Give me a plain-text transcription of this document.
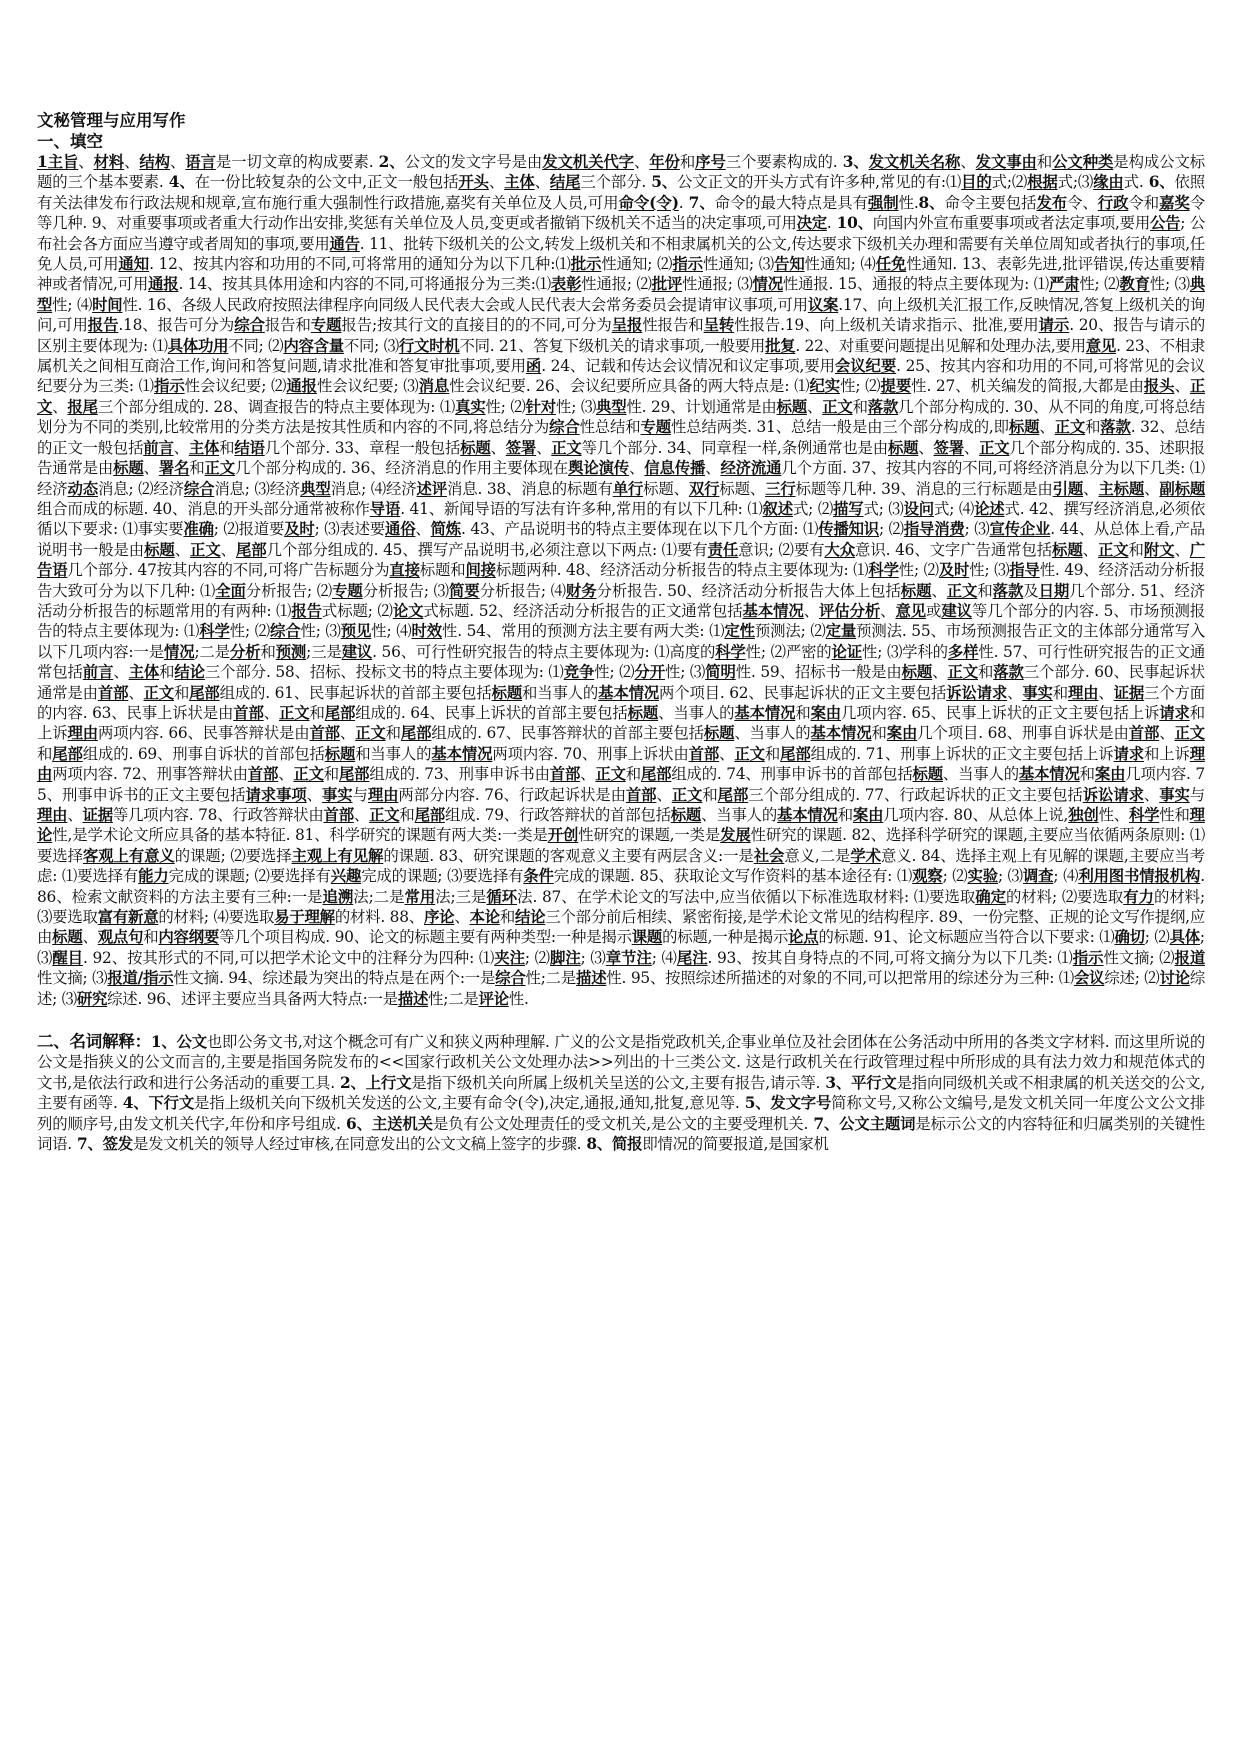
文秘管理与应用写作
一、填空

1主旨、材料、结构、语言是一切文章的构成要素. 2、公文的发文字号是由发文机关代字、年份和序号三个要素构成的. 3、发文机关名称、发文事由和公文种类是构成公文标题的三个基本要素. 4、在一份比较复杂的公文中,正文一般包括开头、主体、结尾三个部分. 5、公文正文的开头方式有许多种,常见的有:⑴目的式;⑵根据式;⑶缘由式. 6、依照有关法律发布行政法规和规章,宣布施行重大强制性行政措施,嘉奖有关单位及人员,可用命令(令). 7、命令的最大特点是具有强制性.8、命令主要包括发布令、行政令和嘉奖令等几种. 9、对重要事项或者重大行动作出安排,奖惩有关单位及人员,变更或者撤销下级机关不适当的决定事项,可用决定. 10、向国内外宣布重要事项或者法定事项,要用公告; 公布社会各方面应当遵守或者周知的事项,要用通告. 11、批转下级机关的公文,转发上级机关和不相隶属机关的公文,传达要求下级机关办理和需要有关单位周知或者执行的事项,任免人员,可用通知. 12、按其内容和功用的不同,可将常用的通知分为以下几种:⑴批示性通知; ⑵指示性通知; ⑶告知性通知; ⑷任免性通知. 13、表彰先进,批评错误,传达重要精神或者情况,可用通报. 14、按其具体用途和内容的不同,可将通报分为三类:⑴表彰性通报; ⑵批评性通报; ⑶情况性通报. 15、通报的特点主要体现为: ⑴严肃性; ⑵教育性; ⑶典型性; ⑷时间性. 16、各级人民政府按照法律程序向同级人民代表大会或人民代表大会常务委员会提请审议事项,可用议案.17、向上级机关汇报工作,反映情况,答复上级机关的询问,可用报告.18、报告可分为综合报告和专题报告;按其行文的直接目的的不同,可分为呈报性报告和呈转性报告.19、向上级机关请求指示、批准,要用请示. 20、报告与请示的区别主要体现为: ⑴具体功用不同; ⑵内容含量不同; ⑶行文时机不同. 21、答复下级机关的请求事项,一般要用批复. 22、对重要问题提出见解和处理办法,要用意见. 23、不相隶属机关之间相互商洽工作,询问和答复问题,请求批准和答复审批事项,要用函. 24、记载和传达会议情况和议定事项,要用会议纪要. 25、按其内容和功用的不同,可将常见的会议纪要分为三类: ⑴指示性会议纪要; ⑵通报性会议纪要; ⑶消息性会议纪要. 26、会议纪要所应具备的两大特点是: ⑴纪实性; ⑵提要性. 27、机关编发的简报,大都是由报头、正文、报尾三个部分组成的. 28、调查报告的特点主要体现为: ⑴真实性; ⑵针对性; ⑶典型性. 29、计划通常是由标题、正文和落款几个部分构成的. 30、从不同的角度,可将总结划分为不同的类别,比较常用的分类方法是按其性质和内容的不同,将总结分为综合性总结和专题性总结两类. 31、总结一般是由三个部分构成的,即标题、正文和落款. 32、总结的正文一般包括前言、主体和结语几个部分. 33、章程一般包括标题、签署、正文等几个部分. 34、同章程一样,条例通常也是由标题、签署、正文几个部分构成的. 35、述职报告通常是由标题、署名和正文几个部分构成的. 36、经济消息的作用主要体现在舆论演传、信息传播、经济流通几个方面. 37、按其内容的不同,可将经济消息分为以下几类: ⑴经济动态消息; ⑵经济综合消息; ⑶经济典型消息; ⑷经济述评消息. 38、消息的标题有单行标题、双行标题、三行标题等几种. 39、消息的三行标题是由引题、主标题、副标题组合而成的标题. 40、消息的开头部分通常被称作导语. 41、新闻导语的写法有许多种,常用的有以下几种: ⑴叙述式; ⑵描写式; ⑶设问式; ⑷论述式. 42、撰写经济消息,必须依循以下要求: ⑴事实要准确; ⑵报道要及时; ⑶表述要通俗、简炼. 43、产品说明书的特点主要体现在以下几个方面: ⑴传播知识; ⑵指导消费; ⑶宣传企业. 44、从总体上看,产品说明书一般是由标题、正文、尾部几个部分组成的. 45、撰写产品说明书,必须注意以下两点: ⑴要有责任意识; ⑵要有大众意识. 46、文字广告通常包括标题、正文和附文、广告语几个部分. 47按其内容的不同,可将广告标题分为直接标题和间接标题两种. 48、经济活动分析报告的特点主要体现为: ⑴科学性; ⑵及时性; ⑶指导性. 49、经济活动分析报告大致可分为以下几种: ⑴全面分析报告; ⑵专题分析报告; ⑶简要分析报告; ⑷财务分析报告. 50、经济活动分析报告大体上包括标题、正文和落款及日期几个部分. 51、经济活动分析报告的标题常用的有两种: ⑴报告式标题; ⑵论文式标题. 52、经济活动分析报告的正文通常包括基本情况、评估分析、意见或建议等几个部分的内容. 5、市场预测报告的特点主要体现为: ⑴科学性; ⑵综合性; ⑶预见性; ⑷时效性. 54、常用的预测方法主要有两大类: ⑴定性预测法; ⑵定量预测法. 55、市场预测报告正文的主体部分通常写入以下几项内容:一是情况;二是分析和预测;三是建议. 56、可行性研究报告的特点主要体现为: ⑴高度的科学性; ⑵严密的论证性; ⑶学科的多样性. 57、可行性研究报告的正文通常包括前言、主体和结论三个部分. 58、招标、投标文书的特点主要体现为: ⑴竞争性; ⑵分开性; ⑶简明性. 59、招标书一般是由标题、正文和落款三个部分. 60、民事起诉状通常是由首部、正文和尾部组成的. 61、民事起诉状的首部主要包括标题和当事人的基本情况两个项目. 62、民事起诉状的正文主要包括诉讼请求、事实和理由、证据三个方面的内容. 63、民事上诉状是由首部、正文和尾部组成的. 64、民事上诉状的首部主要包括标题、当事人的基本情况和案由几项内容. 65、民事上诉状的正文主要包括上诉请求和上诉理由两项内容. 66、民事答辩状是由首部、正文和尾部组成的. 67、民事答辩状的首部主要包括标题、当事人的基本情况和案由几个项目. 68、刑事自诉状是由首部、正文和尾部组成的. 69、刑事自诉状的首部包括标题和当事人的基本情况两项内容. 70、刑事上诉状由首部、正文和尾部组成的. 71、刑事上诉状的正文主要包括上诉请求和上诉理由两项内容. 72、刑事答辩状由首部、正文和尾部组成的. 73、刑事申诉书由首部、正文和尾部组成的. 74、刑事申诉书的首部包括标题、当事人的基本情况和案由几项内容. 75、刑事申诉书的正文主要包括请求事项、事实与理由两部分内容. 76、行政起诉状是由首部、正文和尾部三个部分组成的. 77、行政起诉状的正文主要包括诉讼请求、事实与理由、证据等几项内容. 78、行政答辩状由首部、正文和尾部组成. 79、行政答辩状的首部包括标题、当事人的基本情况和案由几项内容. 80、从总体上说,独创性、科学性和理论性,是学术论文所应具备的基本特征. 81、科学研究的课题有两大类:一类是开创性研究的课题,一类是发展性研究的课题. 82、选择科学研究的课题,主要应当依循两条原则: ⑴要选择客观上有意义的课题; ⑵要选择主观上有见解的课题. 83、研究课题的客观意义主要有两层含义:一是社会意义,二是学术意义. 84、选择主观上有见解的课题,主要应当考虑: ⑴要选择有能力完成的课题; ⑵要选择有兴趣完成的课题; ⑶要选择有条件完成的课题. 85、获取论文写作资料的基本途径有: ⑴观察; ⑵实验; ⑶调查; ⑷利用图书情报机构. 86、检索文献资料的方法主要有三种:一是追溯法;二是常用法;三是循环法. 87、在学术论文的写法中,应当依循以下标准选取材料: ⑴要选取确定的材料; ⑵要选取有力的材料; ⑶要选取富有新意的材料; ⑷要选取易于理解的材料. 88、序论、本论和结论三个部分前后相续、紧密衔接,是学术论文常见的结构程序. 89、一份完整、正规的论文写作提纲,应由标题、观点句和内容纲要等几个项目构成. 90、论文的标题主要有两种类型:一种是揭示课题的标题,一种是揭示论点的标题. 91、论文标题应当符合以下要求: ⑴确切; ⑵具体; ⑶醒目. 92、按其形式的不同,可以把学术论文中的注释分为四种: ⑴夹注; ⑵脚注; ⑶章节注; ⑷尾注. 93、按其自身特点的不同,可将文摘分为以下几类: ⑴指示性文摘; ⑵报道性文摘; ⑶报道/指示性文摘. 94、综述最为突出的特点是在两个:一是综合性;二是描述性. 95、按照综述所描述的对象的不同,可以把常用的综述分为三种: ⑴会议综述; ⑵讨论综述; ⑶研究综述. 96、述评主要应当具备两大特点:一是描述性;二是评论性.

二、名词解释：1、公文也即公务文书,对这个概念可有广义和狭义两种理解. 广义的公文是指党政机关,企事业单位及社会团体在公务活动中所用的各类文字材料. 而这里所说的公文是指狭义的公文而言的,主要是指国务院发布的<<国家行政机关公文处理办法>>列出的十三类公文. 这是行政机关在行政管理过程中所形成的具有法力效力和规范体式的文书,是依法行政和进行公务活动的重要工具. 2、上行文是指下级机关向所属上级机关呈送的公文,主要有报告,请示等. 3、平行文是指向同级机关或不相隶属的机关送交的公文,主要有函等. 4、下行文是指上级机关向下级机关发送的公文,主要有命令(令),决定,通报,通知,批复,意见等. 5、发文字号简称文号,又称公文编号,是发文机关同一年度公文公文排列的顺序号,由发文机关代字,年份和序号组成. 6、主送机关是负有公文处理责任的受文机关,是公文的主要受理机关. 7、公文主题词是标示公文的内容特征和归属类别的关键性词语. 7、签发是发文机关的领导人经过审核,在同意发出的公文文稿上签字的步骤. 8、简报即情况的简要报道,是国家机
